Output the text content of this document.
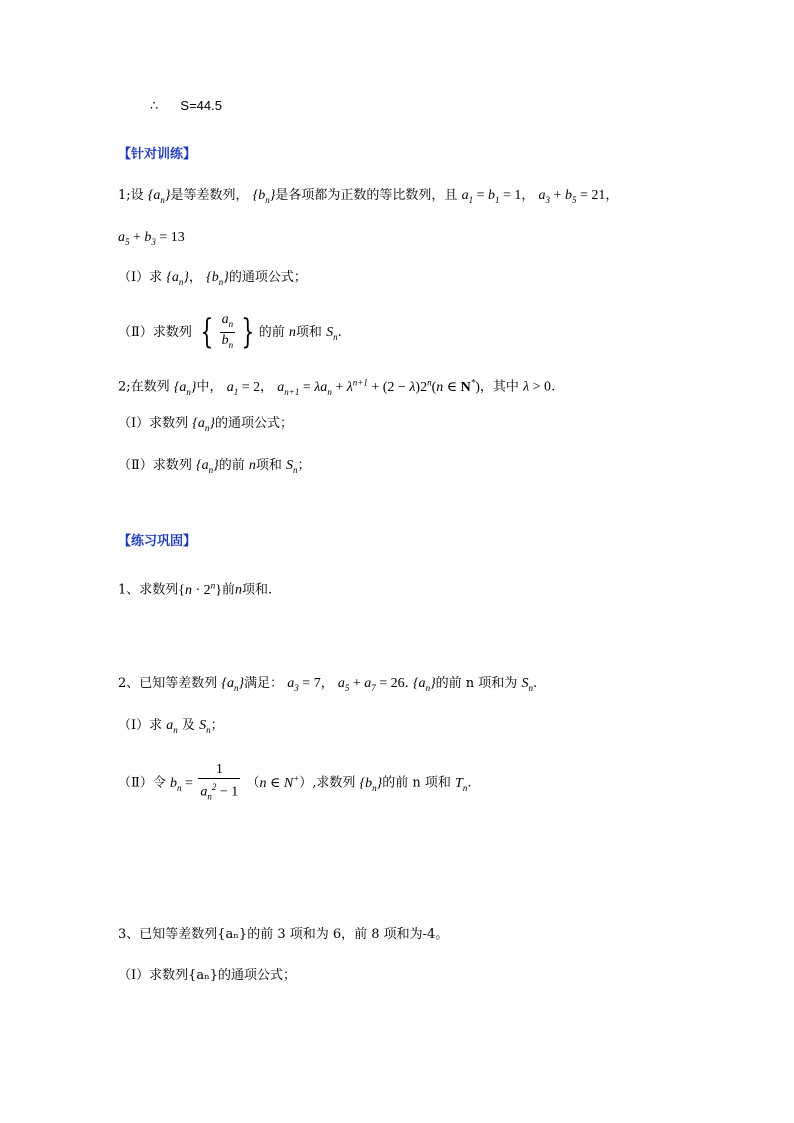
∴ S=44.5
【针对训练】
1;设 $\{a_n\}$是等差数列， $\{b_n\}$是各项都为正数的等比数列，且 $a_1 = b_1 = 1$， $a_3 + b_5 = 21$，
$a_5 + b_3 = 13$
（Ⅰ）求 $\{a_n\}$， $\{b_n\}$的通项公式；
（Ⅱ）求数列 { $\frac{a_n}{b_n}$ } 的前 n项和 $S_n$.
2;在数列 $\{a_n\}$中， $a_1 = 2$， $a_{n+1} = \lambda a_n + \lambda^{n+1} + (2 - \lambda)2^n(n$ ∈ N*)，其中 λ > 0.
（Ⅰ）求数列 $\{a_n\}$的通项公式；
（Ⅱ）求数列 $\{a_n\}$的前 n项和 $S_n$；
【练习巩固】
1、求数列$\{n \cdot 2^n\}$前n项和.
2、已知等差数列 $\{a_n\}$满足： $a_3 = 7$， $a_5 + a_7 = 26$. $\{a_n\}$的前 n 项和为 $S_n$.
（Ⅰ）求 $a_n$ 及 $S_n$；
（Ⅱ）令 $b_n = \frac{1}{a_n^2 - 1} (n$ ∈ N+）,求数列 $\{b_n\}$的前 n 项和 $T_n$.
3、已知等差数列{aₙ}的前 3 项和为 6，前 8 项和为-4。
（Ⅰ）求数列{aₙ}的通项公式；
